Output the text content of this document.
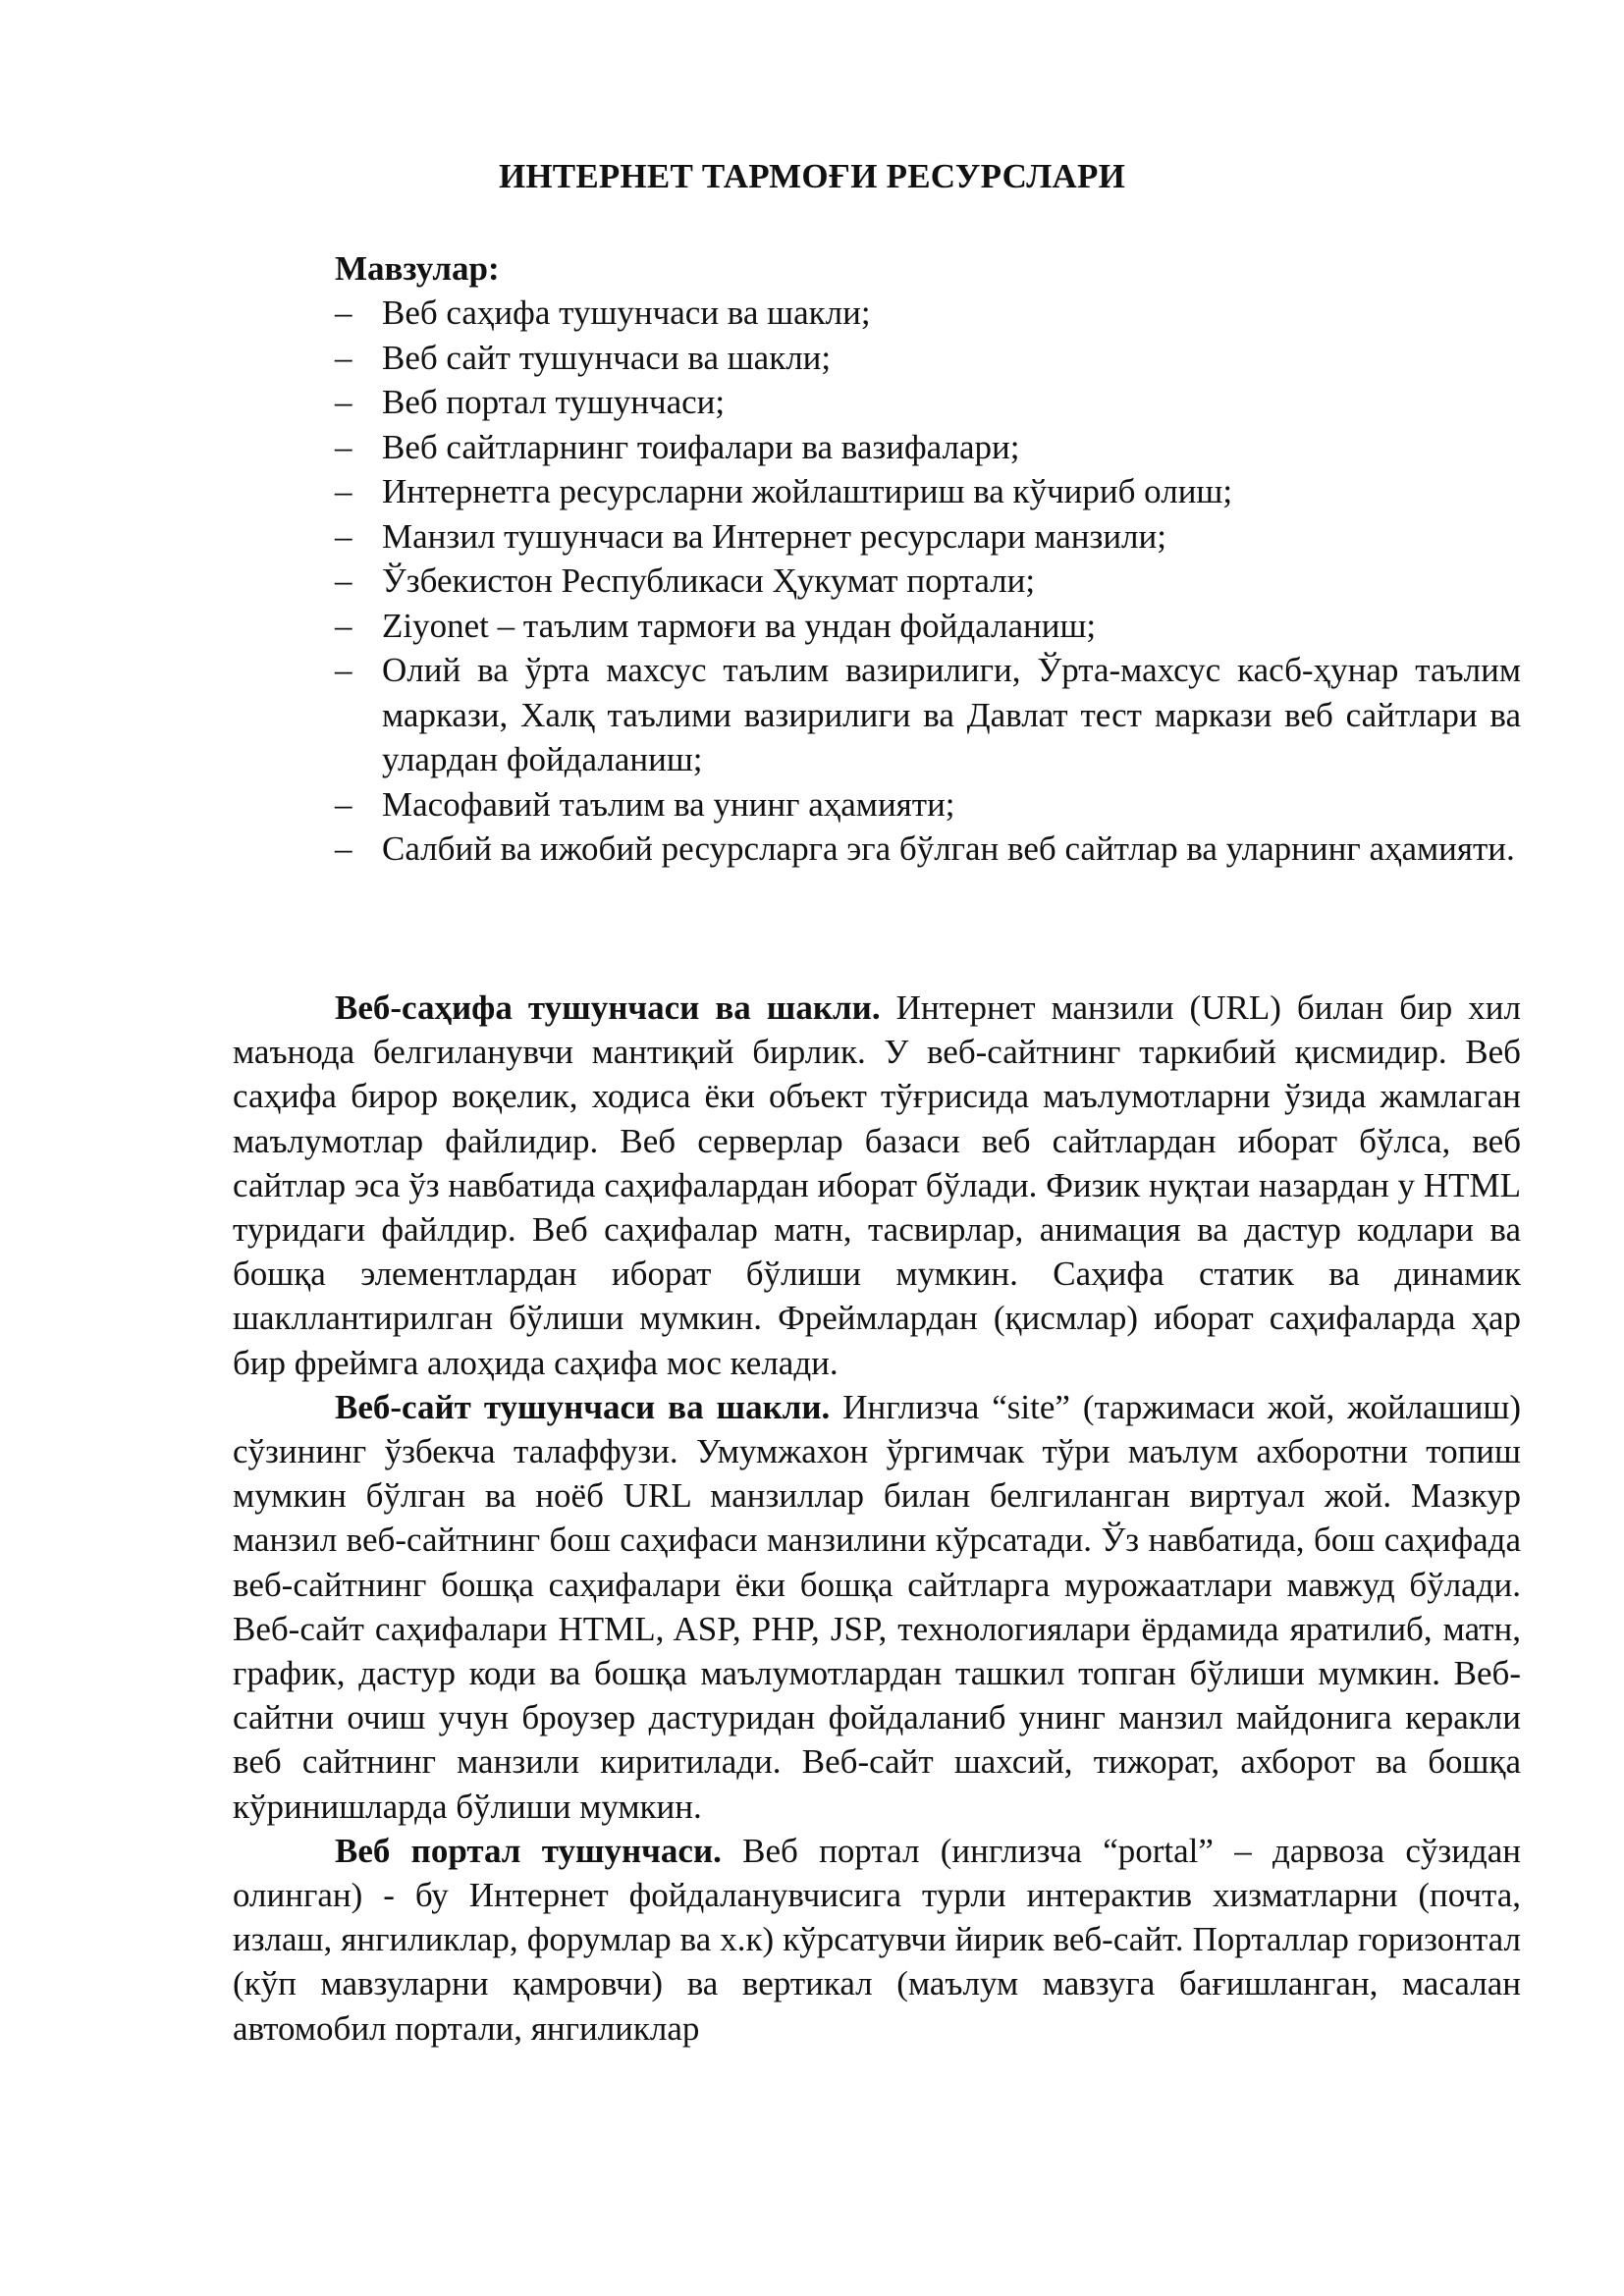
ИНТЕРНЕТ ТАРМОҒИ РЕСУРСЛАРИ
Мавзулар:
– Веб саҳифа тушунчаси ва шакли;
– Веб сайт тушунчаси ва шакли;
– Веб портал тушунчаси;
– Веб сайтларнинг тоифалари ва вазифалари;
– Интернетга ресурсларни жойлаштириш ва кўчириб олиш;
– Манзил тушунчаси ва Интернет ресурслари манзили;
– Ўзбекистон Республикаси Ҳукумат портали;
– Ziyonet – таълим тармоғи ва ундан фойдаланиш;
– Олий ва ўрта махсус таълим вазирилиги, Ўрта-махсус касб-ҳунар таълим маркази, Халқ таълими вазирилиги ва Давлат тест маркази веб сайтлари ва улардан фойдаланиш;
– Масофавий таълим ва унинг аҳамияти;
– Салбий ва ижобий ресурсларга эга бўлган веб сайтлар ва уларнинг аҳамияти.

Веб-саҳифа тушунчаси ва шакли. Интернет манзили (URL) билан бир хил маънода белгиланувчи мантиқий бирлик. У веб-сайтнинг таркибий қисмидир. Веб саҳифа бирор воқелик, ходиса ёки объект тўғрисида маълумотларни ўзида жамлаган маълумотлар файлидир. Веб серверлар базаси веб сайтлардан иборат бўлса, веб сайтлар эса ўз навбатида саҳифалардан иборат бўлади. Физик нуқтаи назардан у HTML туридаги файлдир. Веб саҳифалар матн, тасвирлар, анимация ва дастур кодлари ва бошқа элементлардан иборат бўлиши мумкин. Саҳифа статик ва динамик шакллантирилган бўлиши мумкин. Фреймлардан (қисмлар) иборат саҳифаларда ҳар бир фреймга алоҳида саҳифа мос келади.

Веб-сайт тушунчаси ва шакли. Инглизча “site” (таржимаси жой, жойлашиш) сўзининг ўзбекча талаффузи. Умумжахон ўргимчак тўри маълум ахборотни топиш мумкин бўлган ва ноёб URL манзиллар билан белгиланган виртуал жой. Мазкур манзил веб-сайтнинг бош саҳифаси манзилини кўрсатади. Ўз навбатида, бош саҳифада веб-сайтнинг бошқа саҳифалари ёки бошқа сайтларга мурожаатлари мавжуд бўлади. Веб-сайт саҳифалари HTML, ASP, PHP, JSP, технологиялари ёрдамида яратилиб, матн, график, дастур коди ва бошқа маълумотлардан ташкил топган бўлиши мумкин. Веб-сайтни очиш учун броузер дастуридан фойдаланиб унинг манзил майдонига керакли веб сайтнинг манзили киритилади. Веб-сайт шахсий, тижорат, ахборот ва бошқа кўринишларда бўлиши мумкин.

Веб портал тушунчаси. Веб портал (инглизча “portal” – дарвоза сўзидан олинган) - бу Интернет фойдаланувчисига турли интерактив хизматларни (почта, излаш, янгиликлар, форумлар ва х.к) кўрсатувчи йирик веб-сайт. Порталлар горизонтал (кўп мавзуларни қамровчи) ва вертикал (маълум мавзуга бағишланган, масалан автомобил портали, янгиликлар
